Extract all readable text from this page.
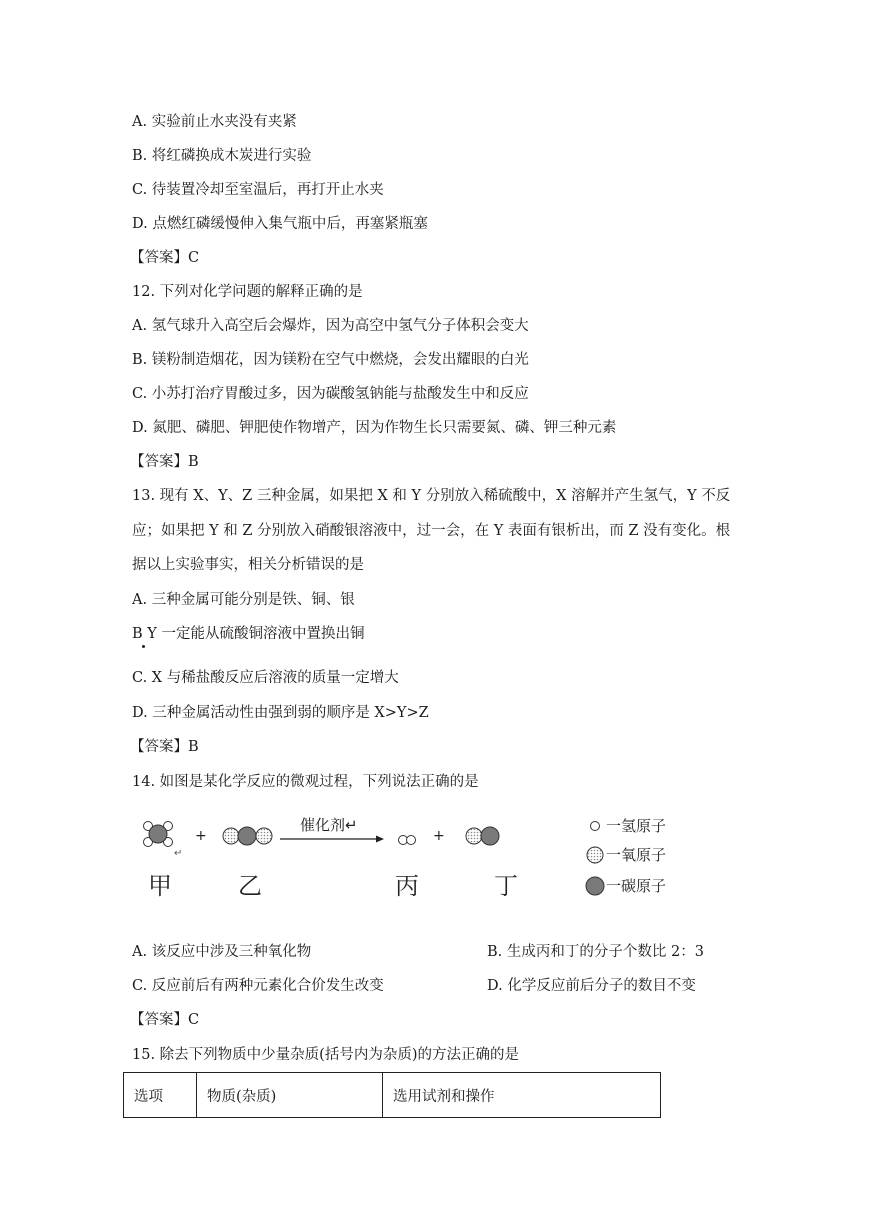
A. 实验前止水夹没有夹紧
B. 将红磷换成木炭进行实验
C. 待装置冷却至室温后，再打开止水夹
D. 点燃红磷缓慢伸入集气瓶中后，再塞紧瓶塞
【答案】C
12. 下列对化学问题的解释正确的是
A. 氢气球升入高空后会爆炸，因为高空中氢气分子体积会变大
B. 镁粉制造烟花，因为镁粉在空气中燃烧，会发出耀眼的白光
C. 小苏打治疗胃酸过多，因为碳酸氢钠能与盐酸发生中和反应
D. 氮肥、磷肥、钾肥使作物增产，因为作物生长只需要氮、磷、钾三种元素
【答案】B
13. 现有 X、Y、Z 三种金属，如果把 X 和 Y 分别放入稀硫酸中，X 溶解并产生氢气，Y 不反
应；如果把 Y 和 Z 分别放入硝酸银溶液中，过一会，在 Y 表面有银析出，而 Z 没有变化。根
据以上实验事实，相关分析错误的是
A. 三种金属可能分别是铁、铜、银
B Y 一定能从硫酸铜溶液中置换出铜
C. X 与稀盐酸反应后溶液的质量一定增大
D. 三种金属活动性由强到弱的顺序是 X>Y>Z
【答案】B
14. 如图是某化学反应的微观过程，下列说法正确的是
↵
+
催化剂↵
+
甲	乙	丙	丁
一氢原子
一氧原子
一碳原子
A. 该反应中涉及三种氧化物	B. 生成丙和丁的分子个数比 2：3
C. 反应前后有两种元素化合价发生改变	D. 化学反应前后分子的数目不变
【答案】C
15. 除去下列物质中少量杂质(括号内为杂质)的方法正确的是
选项	物质(杂质)	选用试剂和操作
